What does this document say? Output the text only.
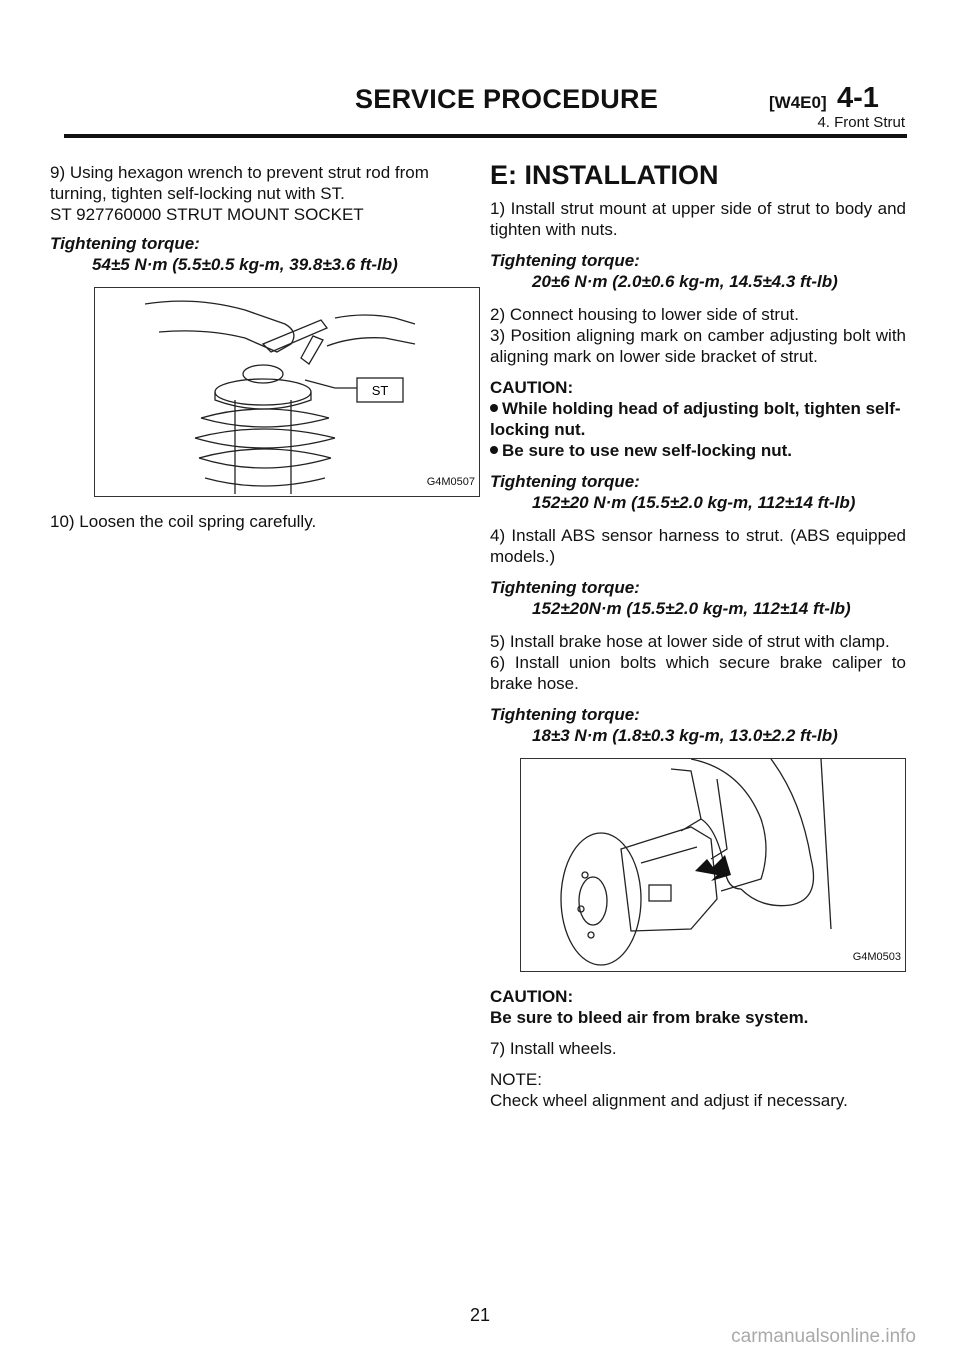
SERVICE PROCEDURE	[W4E0] 4-1
4. Front Strut
9) Using hexagon wrench to prevent strut rod from
turning, tighten self-locking nut with ST.
ST 927760000 STRUT MOUNT SOCKET

Tightening torque:

54±5 N·m (5.5±0.5 kg-m, 39.8±3.6 ft-lb)

ST
G4M0507

10) Loosen the coil spring carefully.

E: INSTALLATION

1) Install strut mount at upper side of strut to body and tighten with nuts.

Tightening torque:

20±6 N·m (2.0±0.6 kg-m, 14.5±4.3 ft-lb)

2) Connect housing to lower side of strut.

3) Position aligning mark on camber adjusting bolt with aligning mark on lower side bracket of strut.

CAUTION:
While holding head of adjusting bolt, tighten self-locking nut.
Be sure to use new self-locking nut.

Tightening torque:

152±20 N·m (15.5±2.0 kg-m, 112±14 ft-lb)

4) Install ABS sensor harness to strut. (ABS equipped models.)

Tightening torque:

152±20N·m (15.5±2.0 kg-m, 112±14 ft-lb)

5) Install brake hose at lower side of strut with clamp.

6) Install union bolts which secure brake caliper to brake hose.

Tightening torque:

18±3 N·m (1.8±0.3 kg-m, 13.0±2.2 ft-lb)

G4M0503
CAUTION:
Be sure to bleed air from brake system.

7) Install wheels.

NOTE:
Check wheel alignment and adjust if necessary.
21
carmanualsonline.info
